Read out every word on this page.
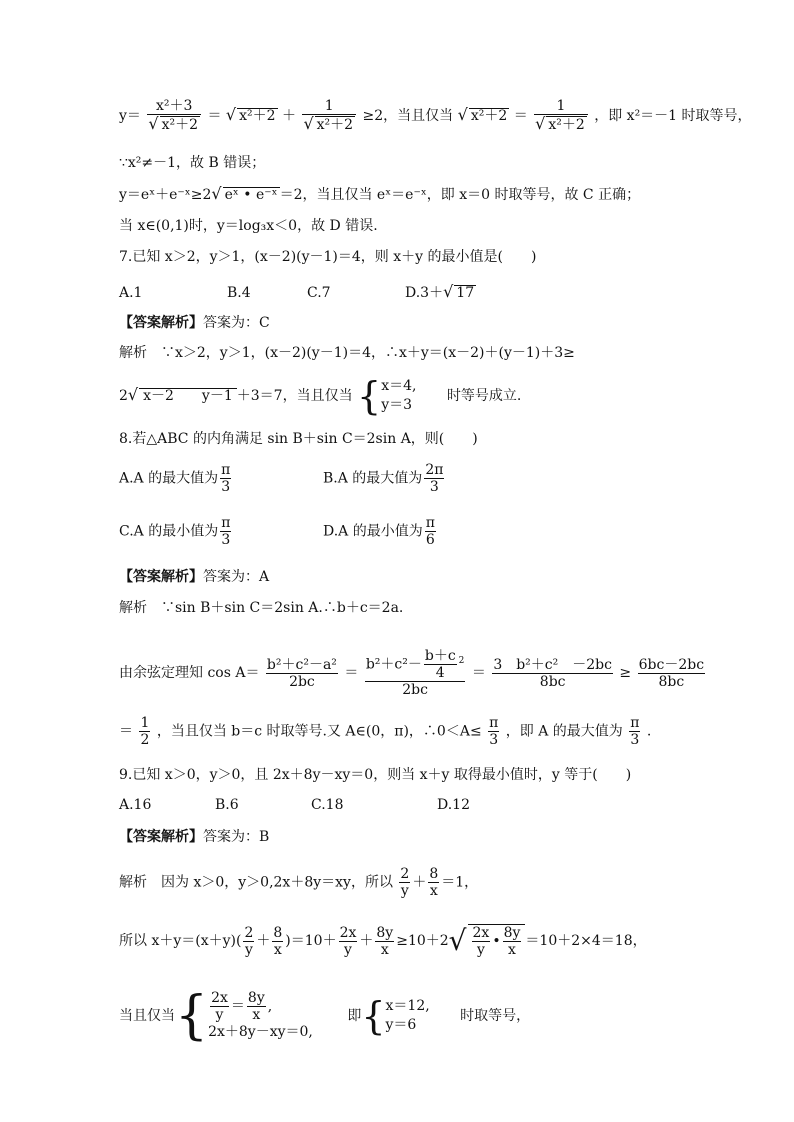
$y= \frac{\text{x²＋3}}{\text{√ x²＋2}}$ ＝ √ $x^2+2 + \frac{1}{\text{√ x²＋2}} \ge 2$，当且仅当 √ $x^2+2 = \frac{1}{\text{√ x²＋2}}$ ，即 x²＝－1 时取等号，
∵x²≠－1，故 B 错误；
y＝eˣ＋e⁻ˣ≥2√ eˣ • e⁻ˣ ＝2，当且仅当 eˣ＝e⁻ˣ，即 x＝0 时取等号，故 C 正确；
当 x∈(0,1)时，y＝log₃x＜0，故 D 错误.
7.已知 x＞2，y＞1，(x－2)(y－1)＝4，则 x＋y 的最小值是(　　)
A.1	B.4	C.7	D.3＋√ 17
【答案解析】答案为：C
解析　∵x＞2，y＞1，(x－2)(y－1)＝4，∴x＋y＝(x－2)＋(y－1)＋3≥
2√ x－2　　y－1 ＋3＝7，当且仅当 { x＝4,
y＝3
时等号成立.
8.若△ABC 的内角满足 sin B＋sin C＝2sin A，则(　　)
A.A 的最大值为 $\frac{\pi}{3}$	B.A 的最大值为 $\frac{2\pi}{3}$
C.A 的最小值为 $\frac{\pi}{3}$	D.A 的最小值为 $\frac{\pi}{6}$
【答案解析】答案为：A
解析　∵sin B＋sin C＝2sin A.∴b＋c＝2a.
由余弦定理知 $\cos A= \frac{\text{b²＋c²－a²}}{2bc} = \frac{b^2+c^2- \frac{b+c}{4} ^2}{2bc} = \frac{\text{3　b²＋c²　－2bc}}{8bc} \ge \frac{6bc-2bc}{8bc}$
＝ $\frac{1}{2}$ ，当且仅当 b＝c 时取等号.又 A∈(0，π)，∴0＜A≤ $\frac{\pi}{3}$ ，即 A 的最大值为 $\frac{\pi}{3}$ .
9.已知 x＞0，y＞0，且 2x＋8y－xy＝0，则当 x＋y 取得最小值时，y 等于(　　)
A.16	B.6	C.18	D.12
【答案解析】答案为：B
解析　因为 x＞0，y＞0,2x＋8y＝xy，所以 $\frac{2}{y} + \frac{8}{x} =1$，
所以 $x+y=(x+y)( \frac{2}{y} + \frac{8}{x} )=10+ \frac{2x}{y} + \frac{8y}{x} \ge 10+2√ \frac{2x}{y}$ • $\frac{8y}{x} =10+2\times 4=18$，
当且仅当{ $\frac{2x}{y} = \frac{8y}{x}$ ,
2x＋8y－xy＝0,
即{ x＝12,
y＝6
时取等号，
